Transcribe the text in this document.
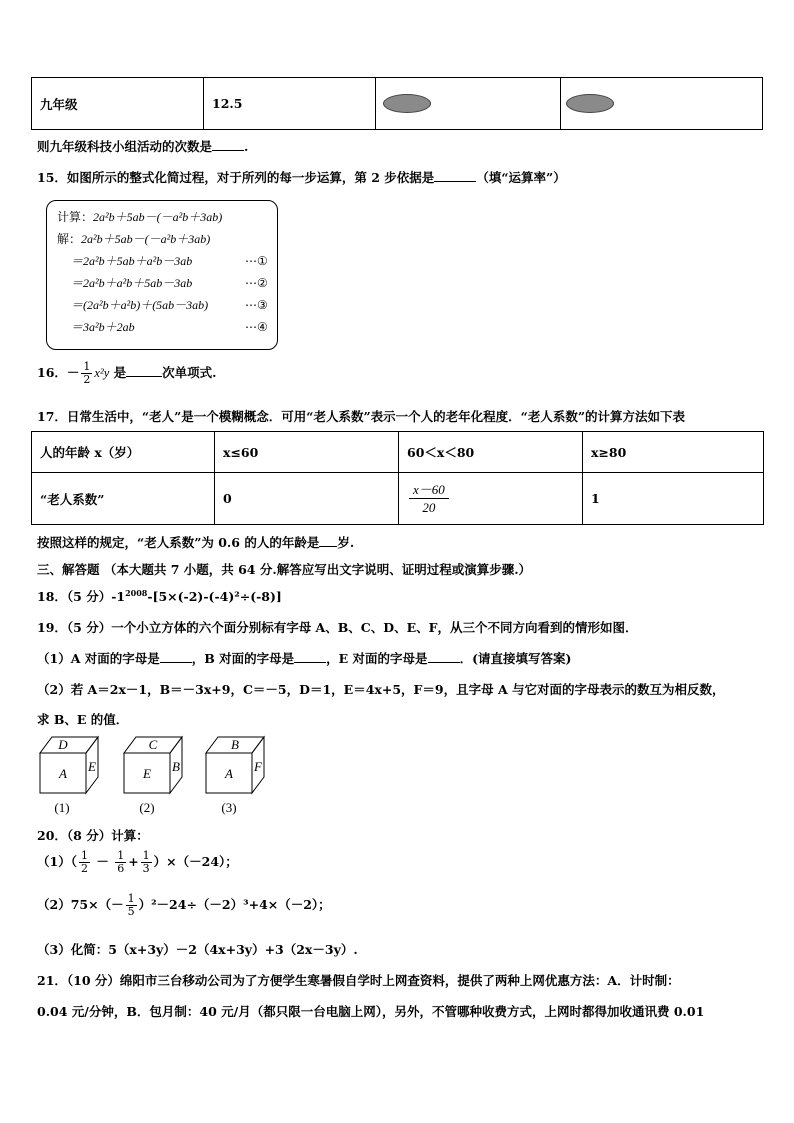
九年级	12.5	

则九年级科技小组活动的次数是	.
15．如图所示的整式化简过程，对于所列的每一步运算，第 2 步依据是	（填“运算率”）
计算：2a²b＋5ab－(－a²b＋3ab)
解：2a²b＋5ab－(－a²b＋3ab)
＝2a²b＋5ab＋a²b－3ab	⋯①
＝2a²b＋a²b＋5ab－3ab	⋯②
＝(2a²b＋a²b)＋(5ab－3ab)	⋯③
＝3a²b＋2ab	⋯④
16．－ $\frac{1}{2} x^2y$ 是	次单项式.
17．日常生活中，“老人”是一个模糊概念．可用“老人系数”表示一个人的老年化程度．“老人系数”的计算方法如下表
人的年龄 x（岁）	x≤60	60＜x＜80	x≥80
“老人系数”	0	$\frac{x-60}{20}$	1
按照这样的规定，“老人系数”为 0.6 的人的年龄是 岁.
三、解答题 （本大题共 7 小题，共 64 分.解答应写出文字说明、证明过程或演算步骤.）
18．（5 分）$-1^{2008}-[5\times(-2)-(-4)^2\div(-8)]$
19．（5 分）一个小立方体的六个面分别标有字母 A、B、C、D、E、F，从三个不同方向看到的情形如图．
（1）A 对面的字母是	，B 对面的字母是	，E 对面的字母是	．(请直接填写答案)
（2）若 A＝2x－1，B＝－3x+9，C＝－5，D＝1，E＝4x+5，F＝9，且字母 A 与它对面的字母表示的数互为相反数，
求 B、E 的值．
D
A E
(1)
C
E B
(2)
B
A F
(3)
20．（8 分）计算：
$(1)( \frac{1}{2} - \frac{1}{6} + \frac{1}{3} )\times(-24)$；
$(2)75\times(- \frac{1}{5} )^2-24\div(-2)^3+4\times(-2)$；
（3）化简：5（x+3y）－2（4x+3y）+3（2x－3y）.
21．（10 分）绵阳市三台移动公司为了方便学生寒暑假自学时上网查资料，提供了两种上网优惠方法：A．计时制：
0.04 元/分钟，B．包月制：40 元/月（都只限一台电脑上网），另外，不管哪种收费方式，上网时都得加收通讯费 0.01
